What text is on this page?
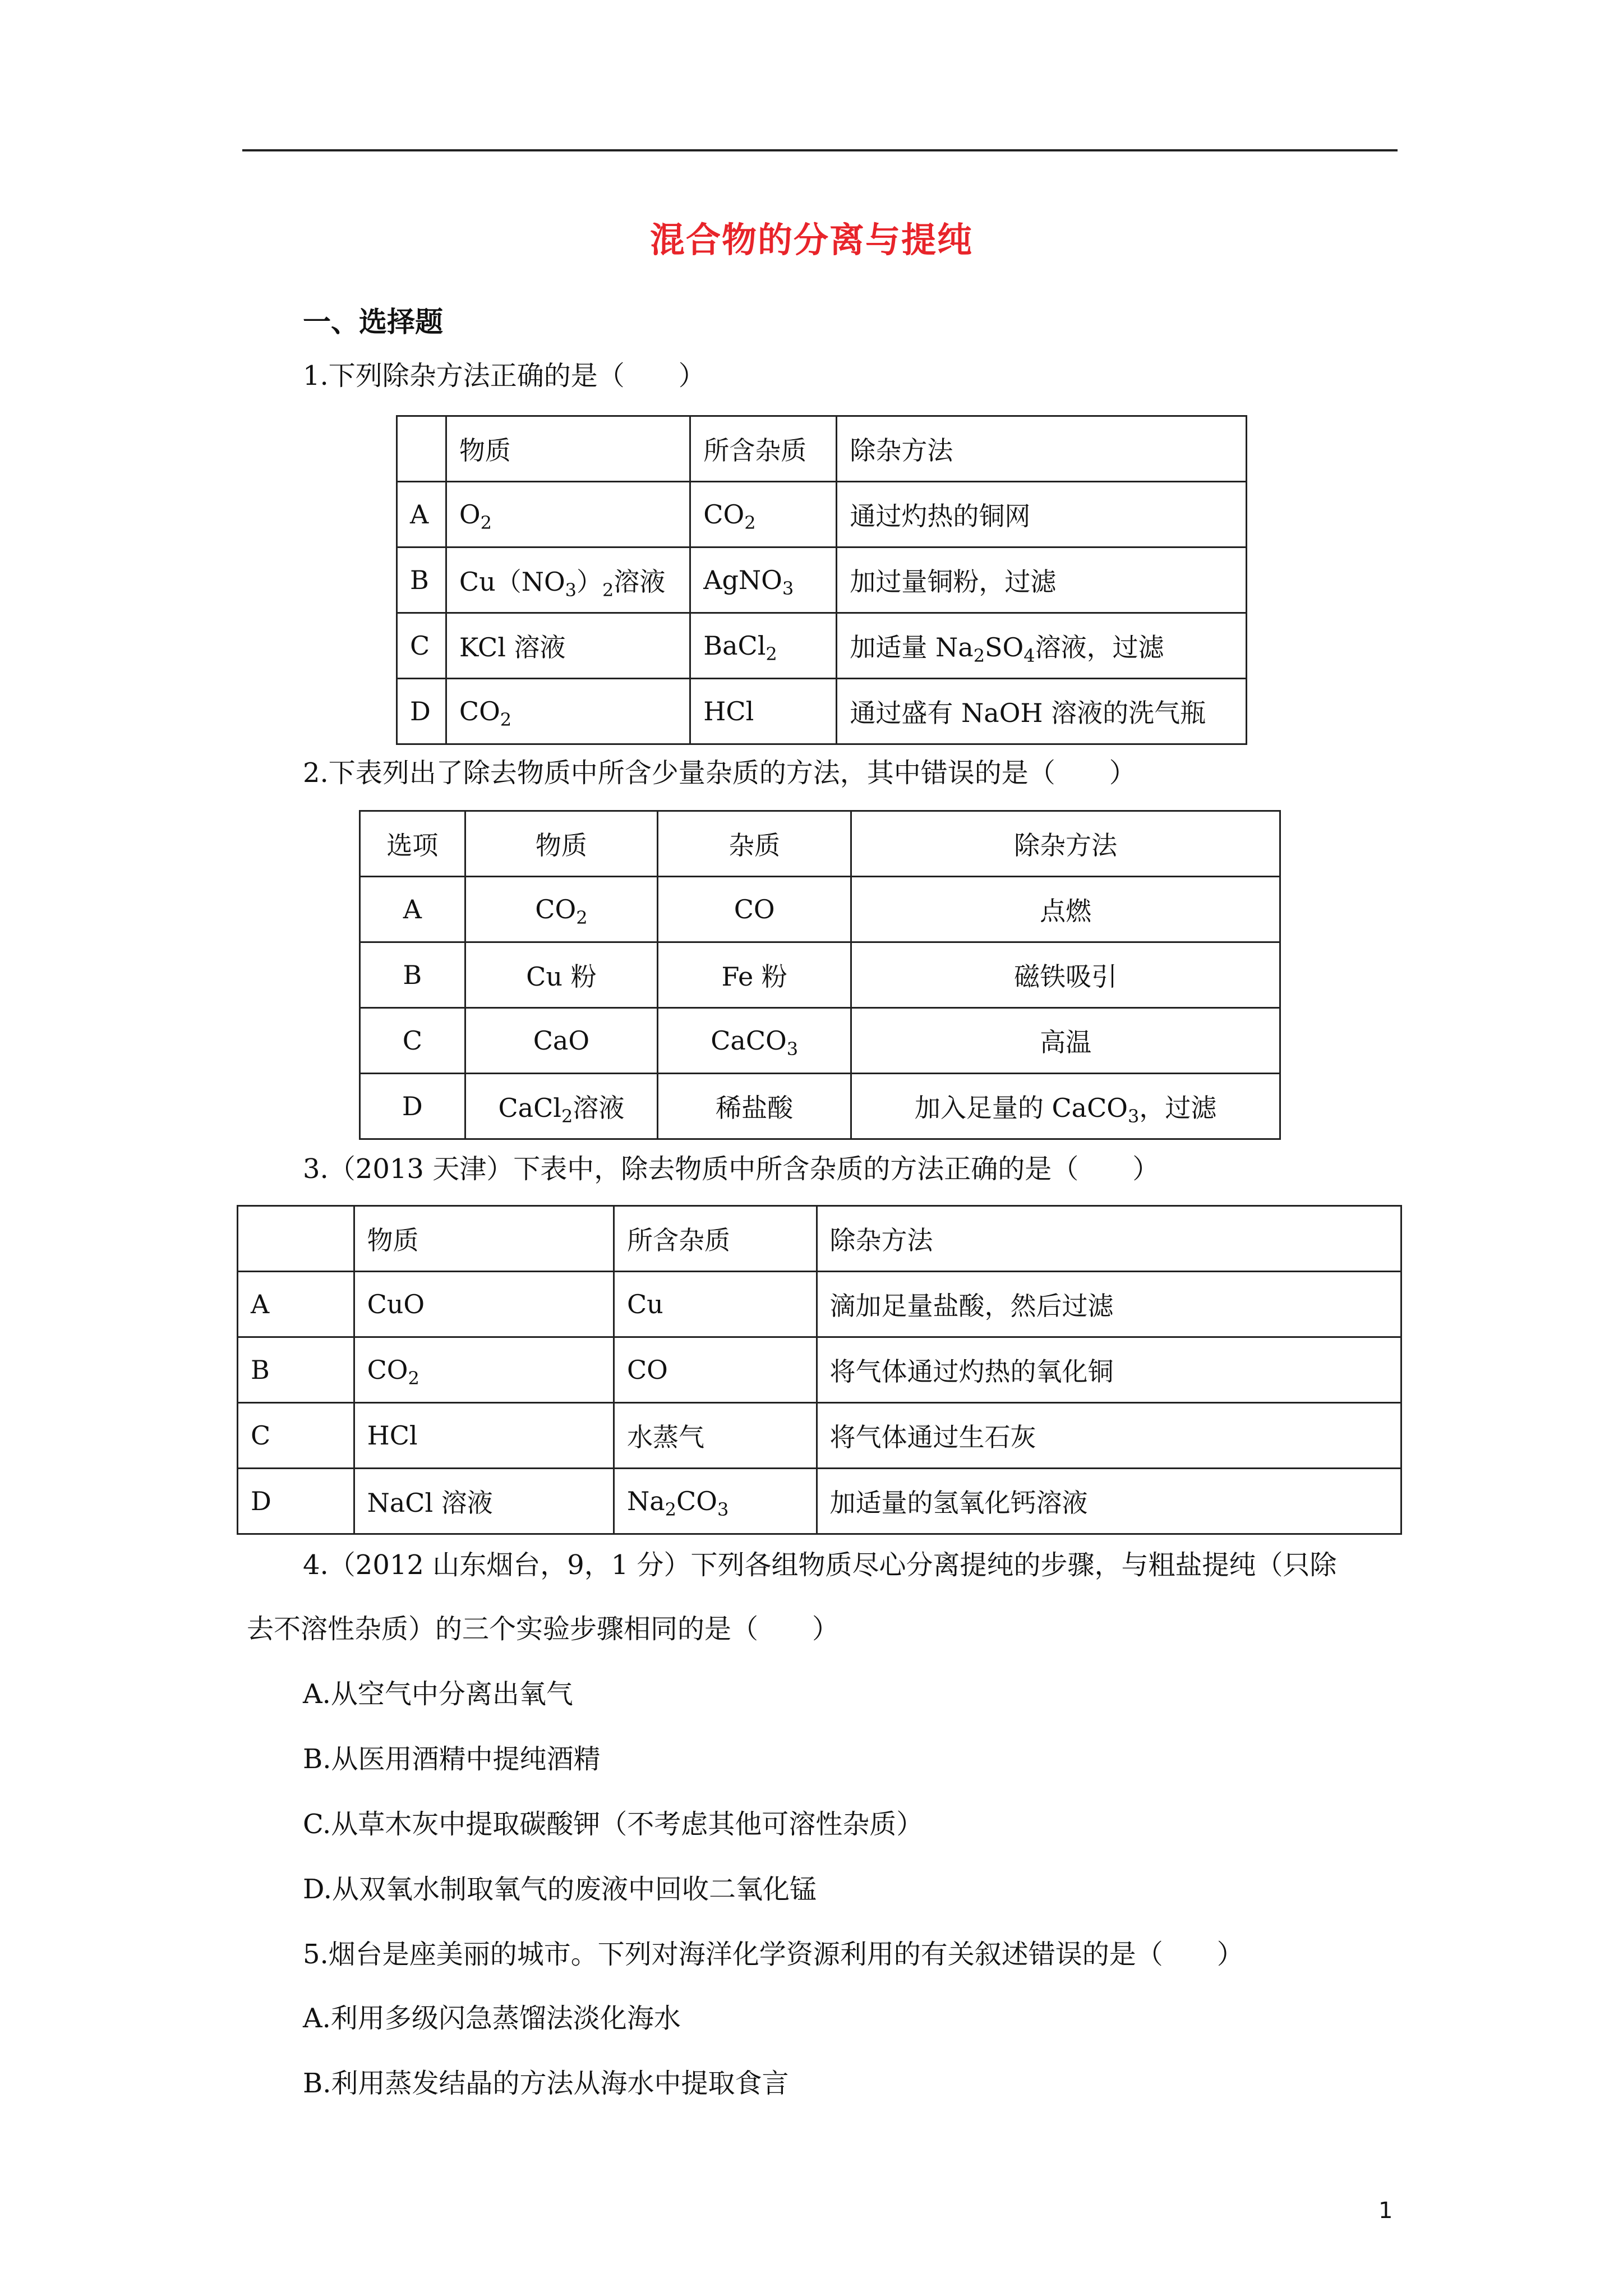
混合物的分离与提纯
一、选择题
1.下列除杂方法正确的是（　　）
	物质	所含杂质	除杂方法
A	$O_2$	$CO_2$	通过灼热的铜网
B	$Cu(NO_3)_2$溶液	AgNO$_3$	加过量铜粉，过滤
C	KCl 溶液	BaCl$_2$	加适量 $Na_2SO_4$溶液，过滤
D	$CO_2$	HCl	通过盛有 NaOH 溶液的洗气瓶
2.下表列出了除去物质中所含少量杂质的方法，其中错误的是（　　）
选项	物质	杂质	除杂方法
A	$CO_2$	CO	点燃
B	Cu 粉	Fe 粉	磁铁吸引
C	CaO	CaCO$_3$	高温
D	CaCl$_2$溶液	稀盐酸	加入足量的 CaCO$_3$，过滤
3.（2013 天津）下表中，除去物质中所含杂质的方法正确的是（　　）
	物质	所含杂质	除杂方法
A	CuO	Cu	滴加足量盐酸，然后过滤
B	$CO_2$	CO	将气体通过灼热的氧化铜
C	HCl	水蒸气	将气体通过生石灰
D	NaCl 溶液	$Na_2CO_3$	加适量的氢氧化钙溶液
4.（2012 山东烟台，9，1 分）下列各组物质尽心分离提纯的步骤，与粗盐提纯（只除
去不溶性杂质）的三个实验步骤相同的是（　　）
A.从空气中分离出氧气
B.从医用酒精中提纯酒精
C.从草木灰中提取碳酸钾（不考虑其他可溶性杂质）
D.从双氧水制取氧气的废液中回收二氧化锰
5.烟台是座美丽的城市。下列对海洋化学资源利用的有关叙述错误的是（　　）
A.利用多级闪急蒸馏法淡化海水
B.利用蒸发结晶的方法从海水中提取食言
1
